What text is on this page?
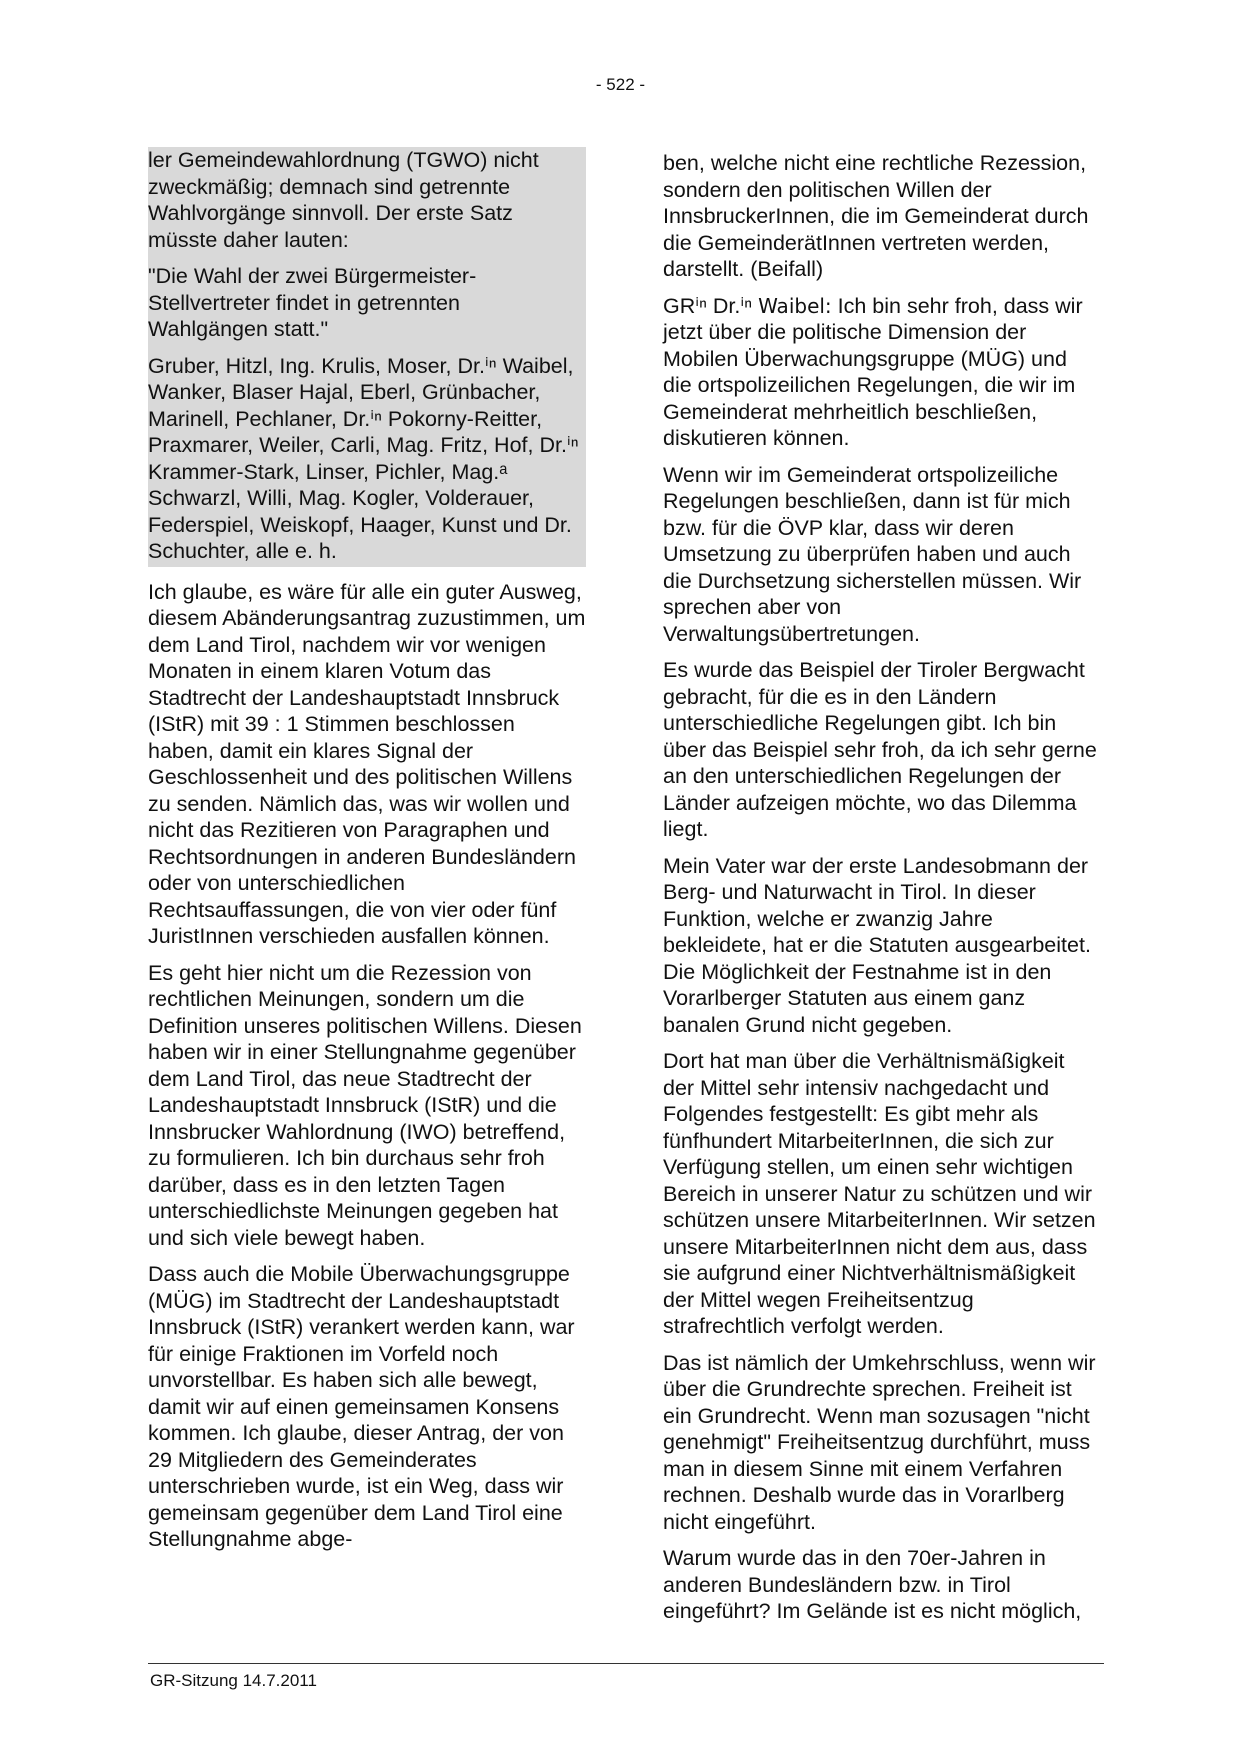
- 522 -

ler Gemeindewahlordnung (TGWO) nicht zweckmäßig; demnach sind getrennte Wahlvorgänge sinnvoll. Der erste Satz müsste daher lauten:

"Die Wahl der zwei Bürgermeister-Stellvertreter findet in getrennten Wahlgängen statt."

Gruber, Hitzl, Ing. Krulis, Moser, Dr.ⁱⁿ Waibel, Wanker, Blaser Hajal, Eberl, Grünbacher, Marinell, Pechlaner, Dr.ⁱⁿ Pokorny-Reitter, Praxmarer, Weiler, Carli, Mag. Fritz, Hof, Dr.ⁱⁿ Krammer-Stark, Linser, Pichler, Mag.ᵃ Schwarzl, Willi, Mag. Kogler, Volderauer, Federspiel, Weiskopf, Haager, Kunst und Dr. Schuchter, alle e. h.

Ich glaube, es wäre für alle ein guter Ausweg, diesem Abänderungsantrag zuzustimmen, um dem Land Tirol, nachdem wir vor wenigen Monaten in einem klaren Votum das Stadtrecht der Landeshauptstadt Innsbruck (IStR) mit 39 : 1 Stimmen beschlossen haben, damit ein klares Signal der Geschlossenheit und des politischen Willens zu senden. Nämlich das, was wir wollen und nicht das Rezitieren von Paragraphen und Rechtsordnungen in anderen Bundesländern oder von unterschiedlichen Rechtsauffassungen, die von vier oder fünf JuristInnen verschieden ausfallen können.

Es geht hier nicht um die Rezession von rechtlichen Meinungen, sondern um die Definition unseres politischen Willens. Diesen haben wir in einer Stellungnahme gegenüber dem Land Tirol, das neue Stadtrecht der Landeshauptstadt Innsbruck (IStR) und die Innsbrucker Wahlordnung (IWO) betreffend, zu formulieren. Ich bin durchaus sehr froh darüber, dass es in den letzten Tagen unterschiedlichste Meinungen gegeben hat und sich viele bewegt haben.

Dass auch die Mobile Überwachungsgruppe (MÜG) im Stadtrecht der Landeshauptstadt Innsbruck (IStR) verankert werden kann, war für einige Fraktionen im Vorfeld noch unvorstellbar. Es haben sich alle bewegt, damit wir auf einen gemeinsamen Konsens kommen. Ich glaube, dieser Antrag, der von 29 Mitgliedern des Gemeinderates unterschrieben wurde, ist ein Weg, dass wir gemeinsam gegenüber dem Land Tirol eine Stellungnahme abge-

ben, welche nicht eine rechtliche Rezession, sondern den politischen Willen der InnsbruckerInnen, die im Gemeinderat durch die GemeinderätInnen vertreten werden, darstellt. (Beifall)

GRⁱⁿ Dr.ⁱⁿ Waibel: Ich bin sehr froh, dass wir jetzt über die politische Dimension der Mobilen Überwachungsgruppe (MÜG) und die ortspolizeilichen Regelungen, die wir im Gemeinderat mehrheitlich beschließen, diskutieren können.

Wenn wir im Gemeinderat ortspolizeiliche Regelungen beschließen, dann ist für mich bzw. für die ÖVP klar, dass wir deren Umsetzung zu überprüfen haben und auch die Durchsetzung sicherstellen müssen. Wir sprechen aber von Verwaltungsübertretungen.

Es wurde das Beispiel der Tiroler Bergwacht gebracht, für die es in den Ländern unterschiedliche Regelungen gibt. Ich bin über das Beispiel sehr froh, da ich sehr gerne an den unterschiedlichen Regelungen der Länder aufzeigen möchte, wo das Dilemma liegt.

Mein Vater war der erste Landesobmann der Berg- und Naturwacht in Tirol. In dieser Funktion, welche er zwanzig Jahre bekleidete, hat er die Statuten ausgearbeitet. Die Möglichkeit der Festnahme ist in den Vorarlberger Statuten aus einem ganz banalen Grund nicht gegeben.

Dort hat man über die Verhältnismäßigkeit der Mittel sehr intensiv nachgedacht und Folgendes festgestellt: Es gibt mehr als fünfhundert MitarbeiterInnen, die sich zur Verfügung stellen, um einen sehr wichtigen Bereich in unserer Natur zu schützen und wir schützen unsere MitarbeiterInnen. Wir setzen unsere MitarbeiterInnen nicht dem aus, dass sie aufgrund einer Nichtverhältnismäßigkeit der Mittel wegen Freiheitsentzug strafrechtlich verfolgt werden.

Das ist nämlich der Umkehrschluss, wenn wir über die Grundrechte sprechen. Freiheit ist ein Grundrecht. Wenn man sozusagen "nicht genehmigt" Freiheitsentzug durchführt, muss man in diesem Sinne mit einem Verfahren rechnen. Deshalb wurde das in Vorarlberg nicht eingeführt.

Warum wurde das in den 70er-Jahren in anderen Bundesländern bzw. in Tirol eingeführt? Im Gelände ist es nicht möglich,

GR-Sitzung 14.7.2011
